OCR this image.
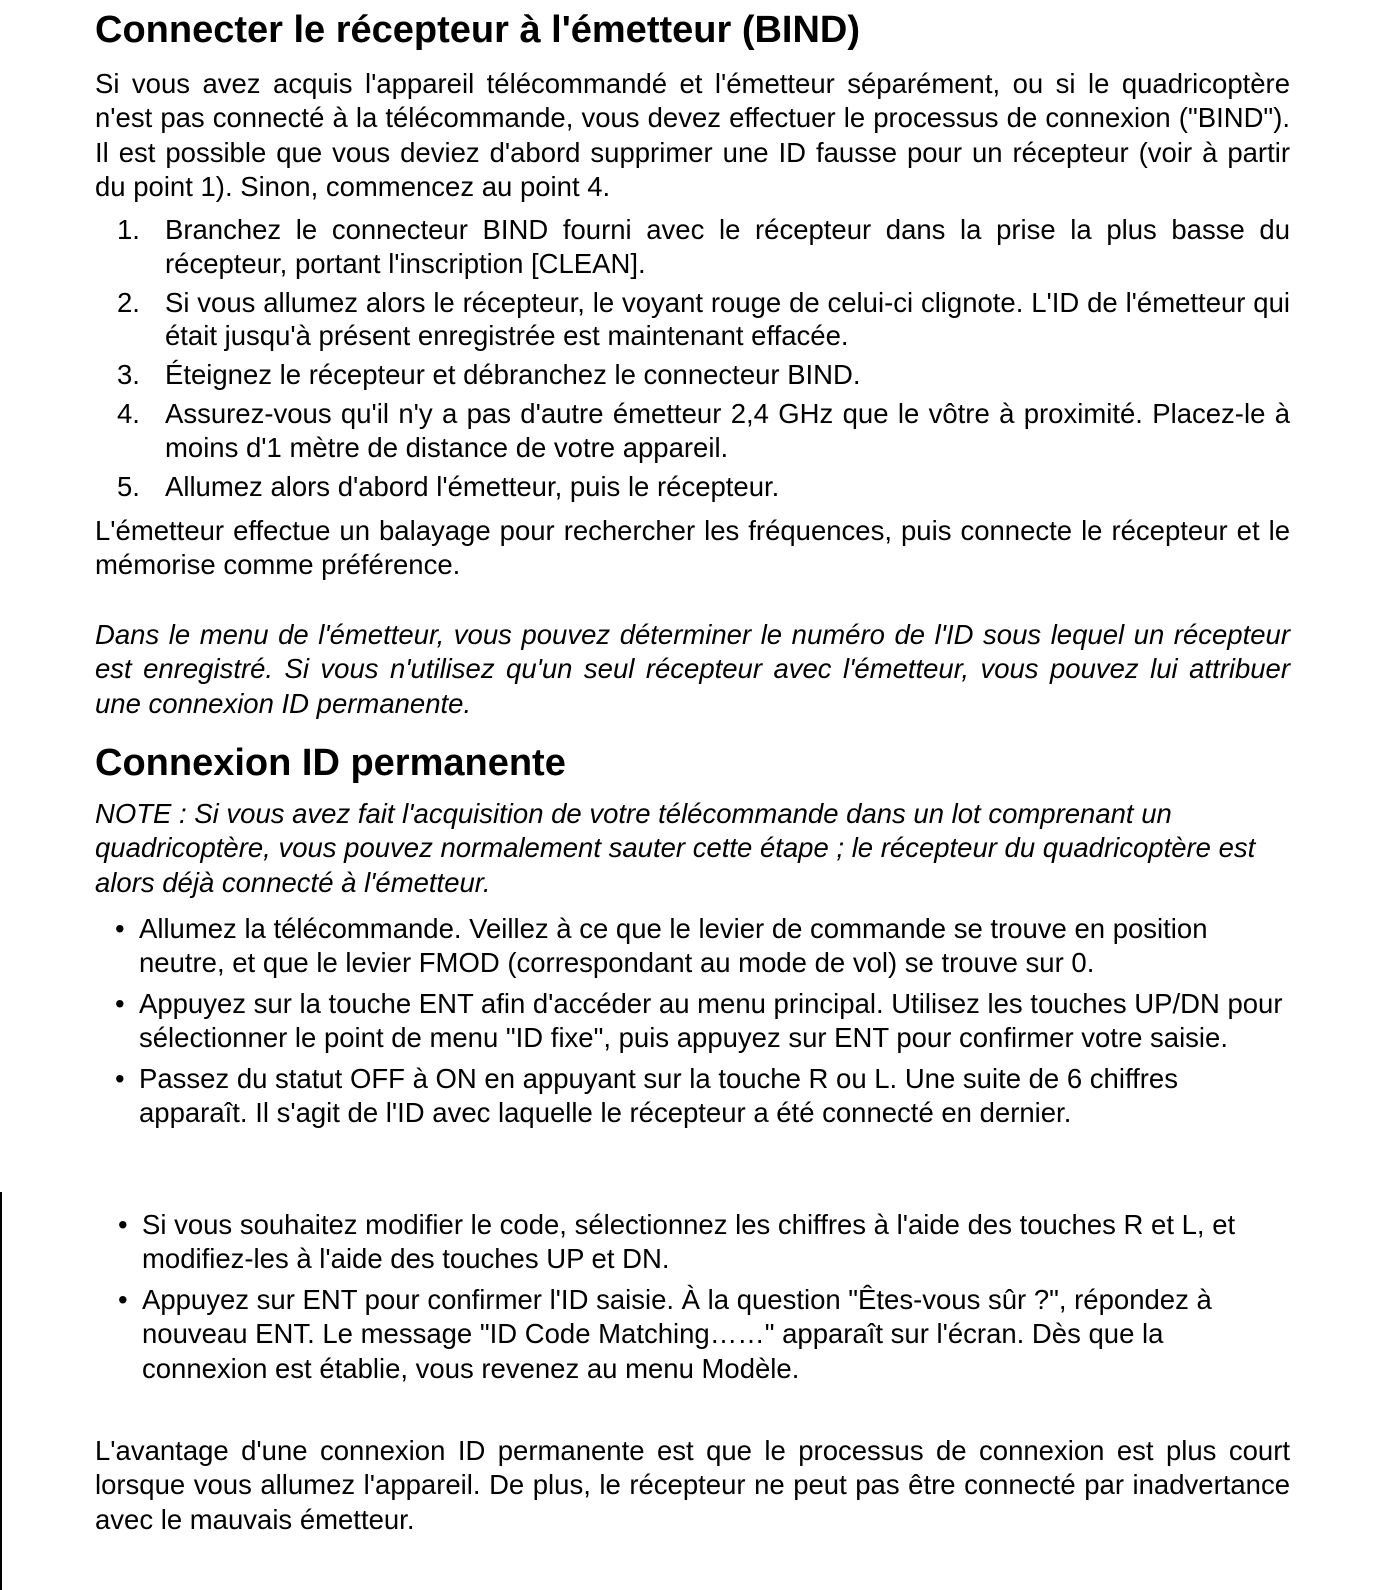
Connecter le récepteur à l'émetteur (BIND)

Si vous avez acquis l'appareil télécommandé et l'émetteur séparément, ou si le quadricoptère n'est pas connecté à la télécommande, vous devez effectuer le processus de connexion ("BIND"). Il est possible que vous deviez d'abord supprimer une ID fausse pour un récepteur (voir à partir du point 1). Sinon, commencez au point 4.

1. Branchez le connecteur BIND fourni avec le récepteur dans la prise la plus basse du récepteur, portant l'inscription [CLEAN].
2. Si vous allumez alors le récepteur, le voyant rouge de celui-ci clignote. L'ID de l'émetteur qui était jusqu'à présent enregistrée est maintenant effacée.
3. Éteignez le récepteur et débranchez le connecteur BIND.
4. Assurez-vous qu'il n'y a pas d'autre émetteur 2,4 GHz que le vôtre à proximité. Placez-le à moins d'1 mètre de distance de votre appareil.
5. Allumez alors d'abord l'émetteur, puis le récepteur.

L'émetteur effectue un balayage pour rechercher les fréquences, puis connecte le récepteur et le mémorise comme préférence.

Dans le menu de l'émetteur, vous pouvez déterminer le numéro de l'ID sous lequel un récepteur est enregistré. Si vous n'utilisez qu'un seul récepteur avec l'émetteur, vous pouvez lui attribuer une connexion ID permanente.

Connexion ID permanente

NOTE : Si vous avez fait l'acquisition de votre télécommande dans un lot comprenant un quadricoptère, vous pouvez normalement sauter cette étape ; le récepteur du quadricoptère est alors déjà connecté à l'émetteur.

• Allumez la télécommande. Veillez à ce que le levier de commande se trouve en position neutre, et que le levier FMOD (correspondant au mode de vol) se trouve sur 0.
• Appuyez sur la touche ENT afin d'accéder au menu principal. Utilisez les touches UP/DN pour sélectionner le point de menu "ID fixe", puis appuyez sur ENT pour confirmer votre saisie.
• Passez du statut OFF à ON en appuyant sur la touche R ou L. Une suite de 6 chiffres apparaît. Il s'agit de l'ID avec laquelle le récepteur a été connecté en dernier.
• Si vous souhaitez modifier le code, sélectionnez les chiffres à l'aide des touches R et L, et modifiez-les à l'aide des touches UP et DN.
• Appuyez sur ENT pour confirmer l'ID saisie. À la question "Êtes-vous sûr ?", répondez à nouveau ENT. Le message "ID Code Matching……" apparaît sur l'écran. Dès que la connexion est établie, vous revenez au menu Modèle.

L'avantage d'une connexion ID permanente est que le processus de connexion est plus court lorsque vous allumez l'appareil. De plus, le récepteur ne peut pas être connecté par inadvertance avec le mauvais émetteur.
